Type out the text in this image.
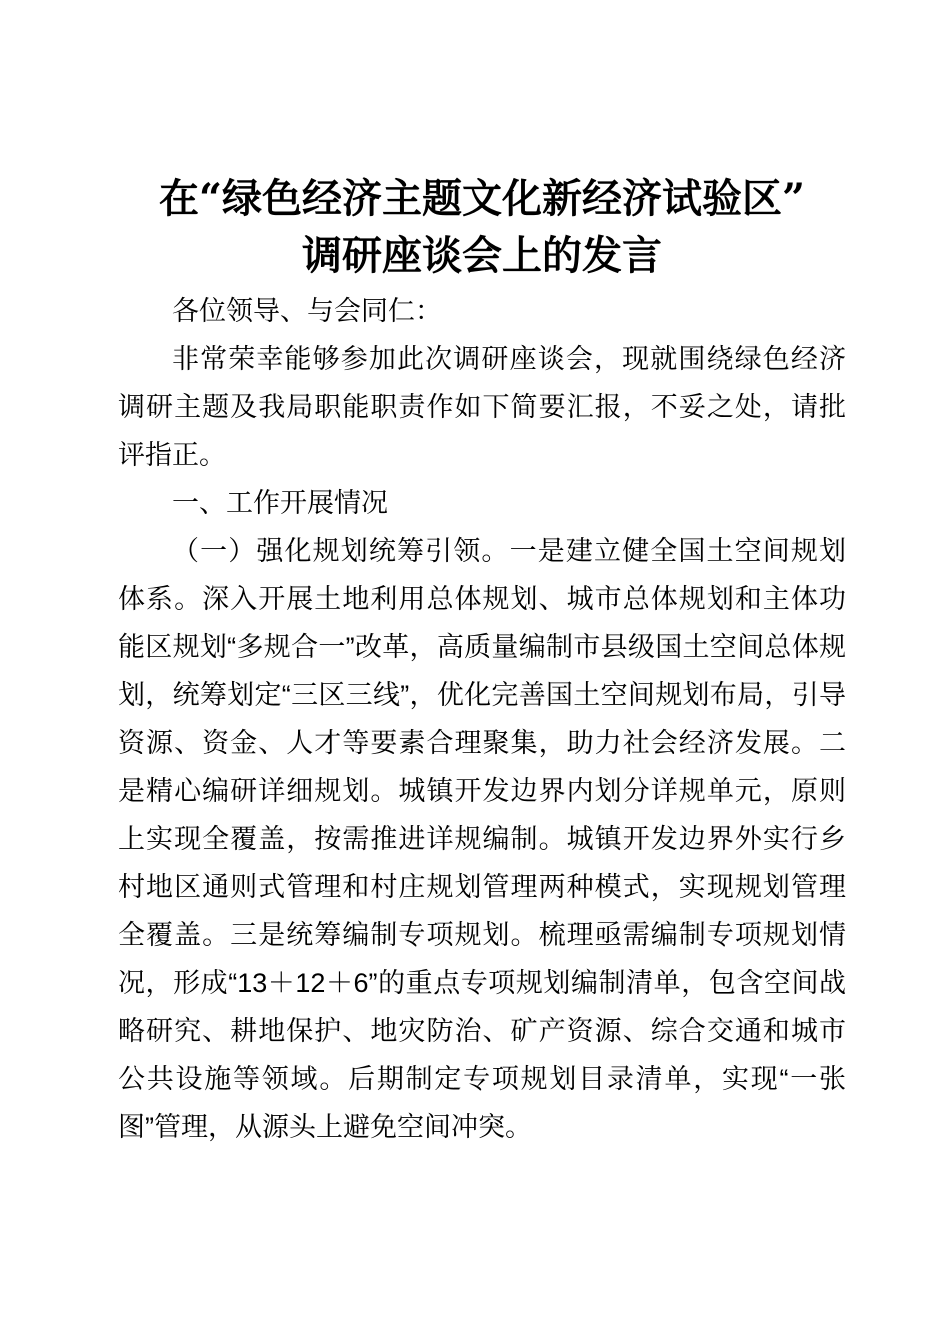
在“绿色经济主题文化新经济试验区”
调研座谈会上的发言

各位领导、与会同仁：

非常荣幸能够参加此次调研座谈会，现就围绕绿色经济调研主题及我局职能职责作如下简要汇报，不妥之处，请批评指正。

一、工作开展情况

（一）强化规划统筹引领。一是建立健全国土空间规划体系。深入开展土地利用总体规划、城市总体规划和主体功能区规划“多规合一”改革，高质量编制市县级国土空间总体规划，统筹划定“三区三线”，优化完善国土空间规划布局，引导资源、资金、人才等要素合理聚集，助力社会经济发展。二是精心编研详细规划。城镇开发边界内划分详规单元，原则上实现全覆盖，按需推进详规编制。城镇开发边界外实行乡村地区通则式管理和村庄规划管理两种模式，实现规划管理全覆盖。三是统筹编制专项规划。梳理亟需编制专项规划情况，形成“13＋12＋6”的重点专项规划编制清单，包含空间战略研究、耕地保护、地灾防治、矿产资源、综合交通和城市公共设施等领域。后期制定专项规划目录清单，实现“一张图”管理，从源头上避免空间冲突。
